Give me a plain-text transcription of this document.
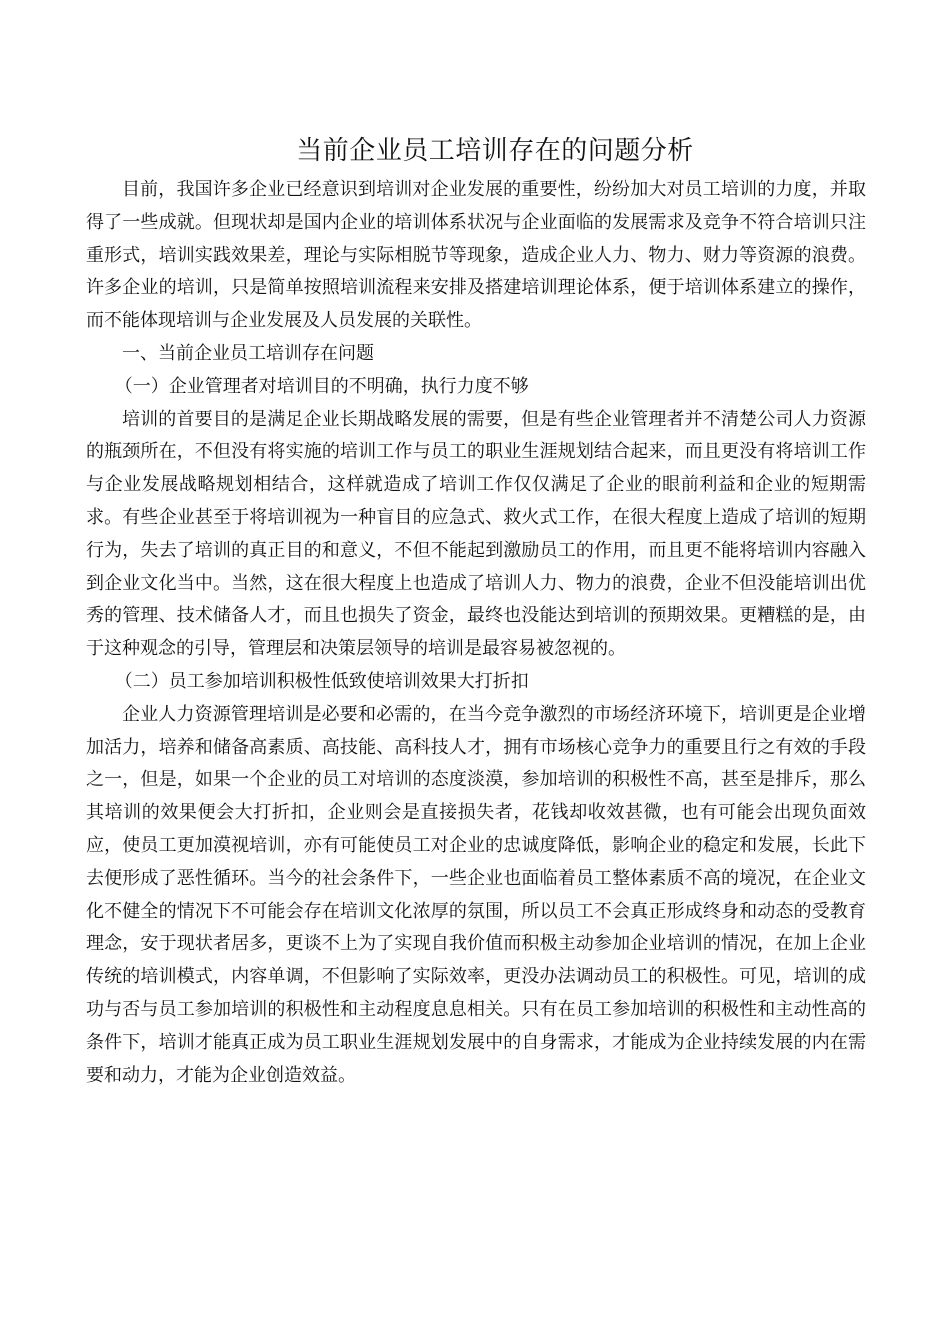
当前企业员工培训存在的问题分析

目前，我国许多企业已经意识到培训对企业发展的重要性，纷纷加大对员工培训的力度，并取得了一些成就。但现状却是国内企业的培训体系状况与企业面临的发展需求及竞争不符合培训只注重形式，培训实践效果差，理论与实际相脱节等现象，造成企业人力、物力、财力等资源的浪费。许多企业的培训，只是简单按照培训流程来安排及搭建培训理论体系，便于培训体系建立的操作，而不能体现培训与企业发展及人员发展的关联性。

一、当前企业员工培训存在问题

（一）企业管理者对培训目的不明确，执行力度不够

培训的首要目的是满足企业长期战略发展的需要，但是有些企业管理者并不清楚公司人力资源的瓶颈所在，不但没有将实施的培训工作与员工的职业生涯规划结合起来，而且更没有将培训工作与企业发展战略规划相结合，这样就造成了培训工作仅仅满足了企业的眼前利益和企业的短期需求。有些企业甚至于将培训视为一种盲目的应急式、救火式工作，在很大程度上造成了培训的短期行为，失去了培训的真正目的和意义，不但不能起到激励员工的作用，而且更不能将培训内容融入到企业文化当中。当然，这在很大程度上也造成了培训人力、物力的浪费，企业不但没能培训出优秀的管理、技术储备人才，而且也损失了资金，最终也没能达到培训的预期效果。更糟糕的是，由于这种观念的引导，管理层和决策层领导的培训是最容易被忽视的。

（二）员工参加培训积极性低致使培训效果大打折扣

企业人力资源管理培训是必要和必需的，在当今竞争激烈的市场经济环境下，培训更是企业增加活力，培养和储备高素质、高技能、高科技人才，拥有市场核心竞争力的重要且行之有效的手段之一，但是，如果一个企业的员工对培训的态度淡漠，参加培训的积极性不高，甚至是排斥，那么其培训的效果便会大打折扣，企业则会是直接损失者，花钱却收效甚微，也有可能会出现负面效应，使员工更加漠视培训，亦有可能使员工对企业的忠诚度降低，影响企业的稳定和发展，长此下去便形成了恶性循环。当今的社会条件下，一些企业也面临着员工整体素质不高的境况，在企业文化不健全的情况下不可能会存在培训文化浓厚的氛围，所以员工不会真正形成终身和动态的受教育理念，安于现状者居多，更谈不上为了实现自我价值而积极主动参加企业培训的情况，在加上企业传统的培训模式，内容单调，不但影响了实际效率，更没办法调动员工的积极性。可见，培训的成功与否与员工参加培训的积极性和主动程度息息相关。只有在员工参加培训的积极性和主动性高的条件下，培训才能真正成为员工职业生涯规划发展中的自身需求，才能成为企业持续发展的内在需要和动力，才能为企业创造效益。
